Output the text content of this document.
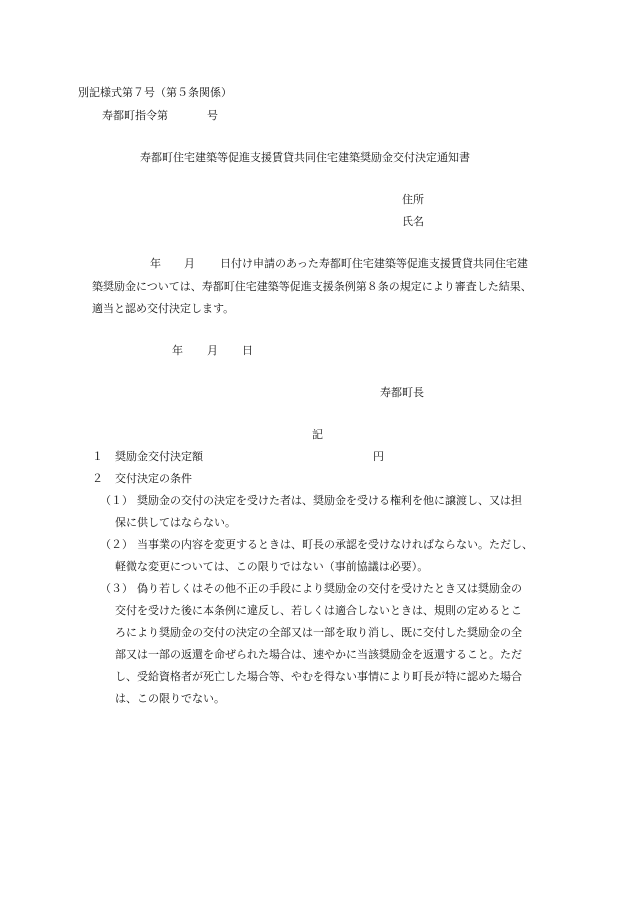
別記様式第７号（第５条関係）
寿都町指令第	号
寿都町住宅建築等促進支援賃貸共同住宅建築奨励金交付決定通知書
住所
氏名
年 月 日付け申請のあった寿都町住宅建築等促進支援賃貸共同住宅建
築奨励金については、寿都町住宅建築等促進支援条例第８条の規定により審査した結果、
適当と認め交付決定します。
年 月 日
寿都町長
記
１ 奨励金交付決定額	円
２ 交付決定の条件
（１） 奨励金の交付の決定を受けた者は、奨励金を受ける権利を他に譲渡し、又は担
保に供してはならない。
（２） 当事業の内容を変更するときは、町長の承認を受けなければならない。ただし、
軽微な変更については、この限りではない（事前協議は必要）。
（３） 偽り若しくはその他不正の手段により奨励金の交付を受けたとき又は奨励金の
交付を受けた後に本条例に違反し、若しくは適合しないときは、規則の定めるとこ
ろにより奨励金の交付の決定の全部又は一部を取り消し、既に交付した奨励金の全
部又は一部の返還を命ぜられた場合は、速やかに当該奨励金を返還すること。ただ
し、受給資格者が死亡した場合等、やむを得ない事情により町長が特に認めた場合
は、この限りでない。
